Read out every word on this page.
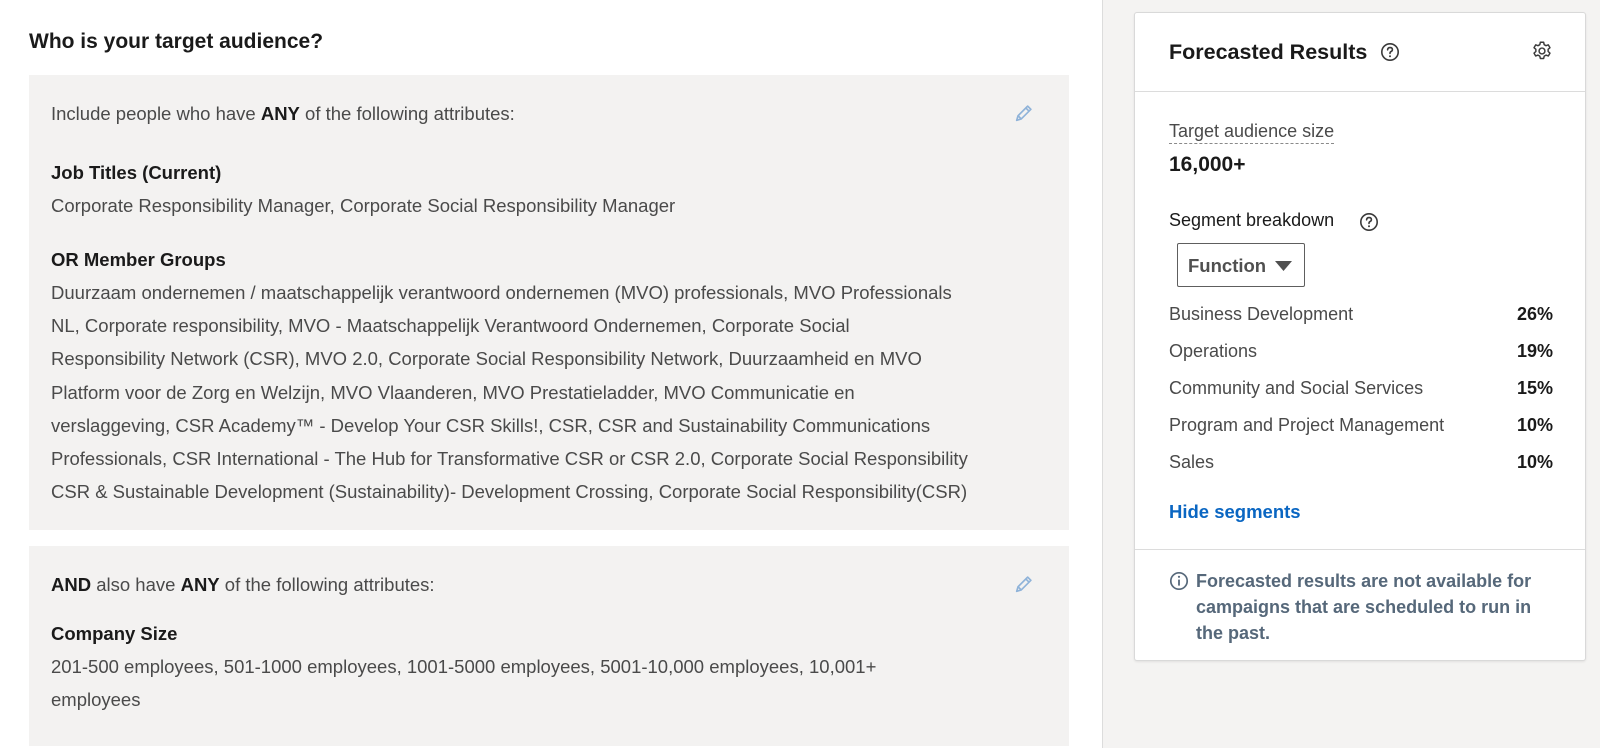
Who is your target audience?
Include people who have ANY of the following attributes:
Job Titles (Current)
Corporate Responsibility Manager, Corporate Social Responsibility Manager
OR Member Groups
Duurzaam ondernemen / maatschappelijk verantwoord ondernemen (MVO) professionals, MVO Professionals
NL, Corporate responsibility, MVO - Maatschappelijk Verantwoord Ondernemen, Corporate Social
Responsibility Network (CSR), MVO 2.0, Corporate Social Responsibility Network, Duurzaamheid en MVO
Platform voor de Zorg en Welzijn, MVO Vlaanderen, MVO Prestatieladder, MVO Communicatie en
verslaggeving, CSR Academy™ - Develop Your CSR Skills!, CSR, CSR and Sustainability Communications
Professionals, CSR International - The Hub for Transformative CSR or CSR 2.0, Corporate Social Responsibility
CSR & Sustainable Development (Sustainability)- Development Crossing, Corporate Social Responsibility(CSR)
AND also have ANY of the following attributes:
Company Size
201-500 employees, 501-1000 employees, 1001-5000 employees, 5001-10,000 employees, 10,001+
employees
Forecasted Results
Target audience size
16,000+
Segment breakdown
Function
Business Development	26%
Operations	19%
Community and Social Services	15%
Program and Project Management	10%
Sales	10%
Hide segments
Forecasted results are not available for campaigns that are scheduled to run in the past.
